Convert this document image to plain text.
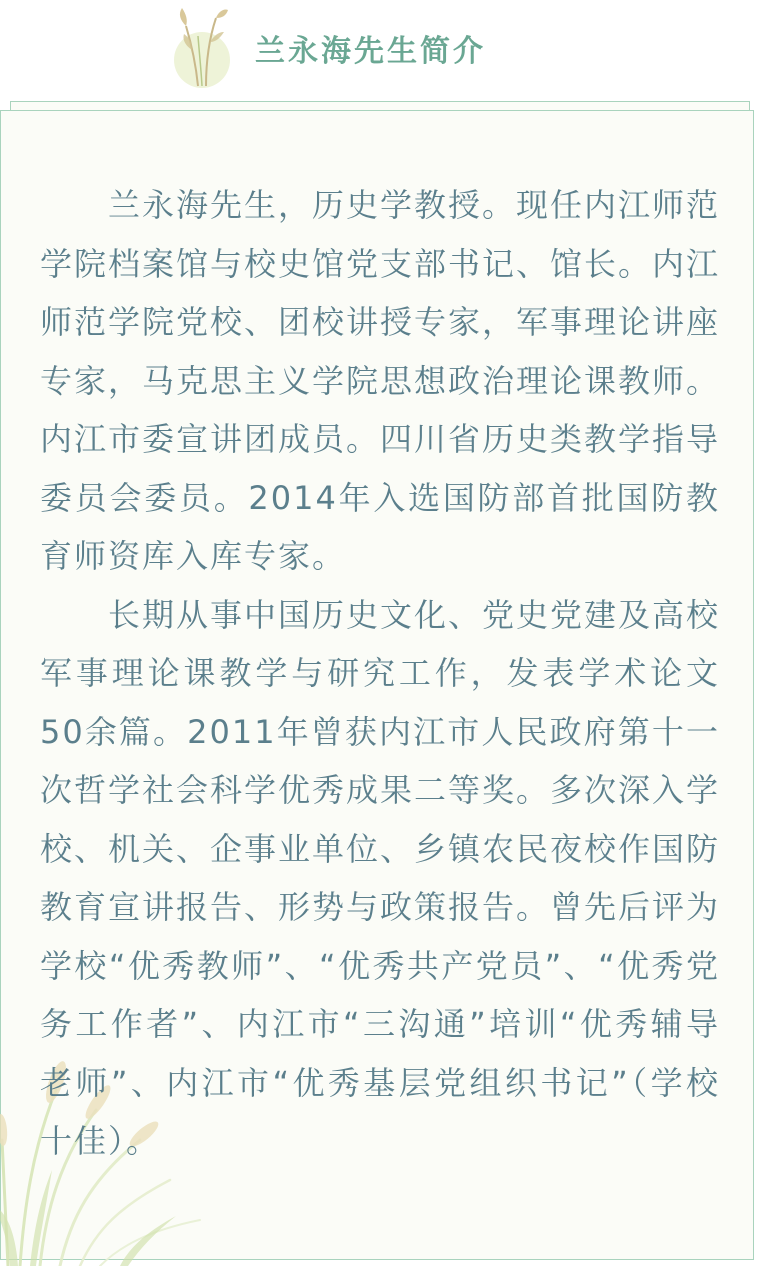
兰永海先生简介

兰永海先生，历史学教授。现任内江师范学院档案馆与校史馆党支部书记、馆长。内江师范学院党校、团校讲授专家，军事理论讲座专家，马克思主义学院思想政治理论课教师。内江市委宣讲团成员。四川省历史类教学指导委员会委员。2014年入选国防部首批国防教育师资库入库专家。

长期从事中国历史文化、党史党建及高校军事理论课教学与研究工作，发表学术论文50余篇。2011年曾获内江市人民政府第十一次哲学社会科学优秀成果二等奖。多次深入学校、机关、企事业单位、乡镇农民夜校作国防教育宣讲报告、形势与政策报告。曾先后评为学校“优秀教师”、“优秀共产党员”、“优秀党务工作者”、内江市“三沟通”培训“优秀辅导老师”、内江市“优秀基层党组织书记”（学校十佳）。
